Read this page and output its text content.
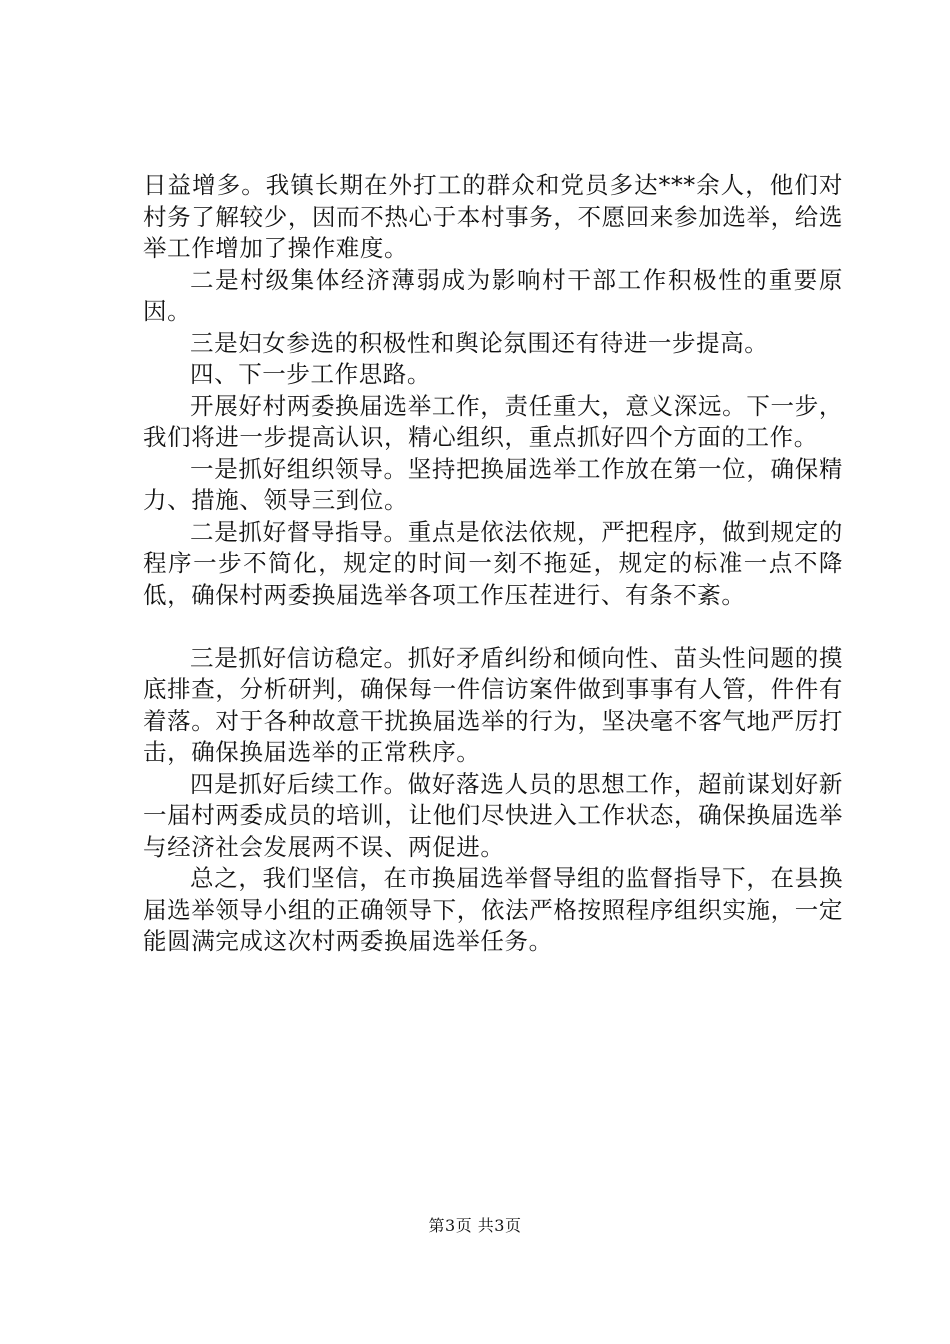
日益增多。我镇长期在外打工的群众和党员多达***余人，他们对村务了解较少，因而不热心于本村事务，不愿回来参加选举，给选举工作增加了操作难度。

二是村级集体经济薄弱成为影响村干部工作积极性的重要原因。

三是妇女参选的积极性和舆论氛围还有待进一步提高。

四、下一步工作思路。

开展好村两委换届选举工作，责任重大，意义深远。下一步，我们将进一步提高认识，精心组织，重点抓好四个方面的工作。

一是抓好组织领导。坚持把换届选举工作放在第一位，确保精力、措施、领导三到位。

二是抓好督导指导。重点是依法依规，严把程序，做到规定的程序一步不简化，规定的时间一刻不拖延，规定的标准一点不降低，确保村两委换届选举各项工作压茬进行、有条不紊。

三是抓好信访稳定。抓好矛盾纠纷和倾向性、苗头性问题的摸底排查，分析研判，确保每一件信访案件做到事事有人管，件件有着落。对于各种故意干扰换届选举的行为，坚决毫不客气地严厉打击，确保换届选举的正常秩序。

四是抓好后续工作。做好落选人员的思想工作，超前谋划好新一届村两委成员的培训，让他们尽快进入工作状态，确保换届选举与经济社会发展两不误、两促进。

总之，我们坚信，在市换届选举督导组的监督指导下，在县换届选举领导小组的正确领导下，依法严格按照程序组织实施，一定能圆满完成这次村两委换届选举任务。

第3页 共3页
